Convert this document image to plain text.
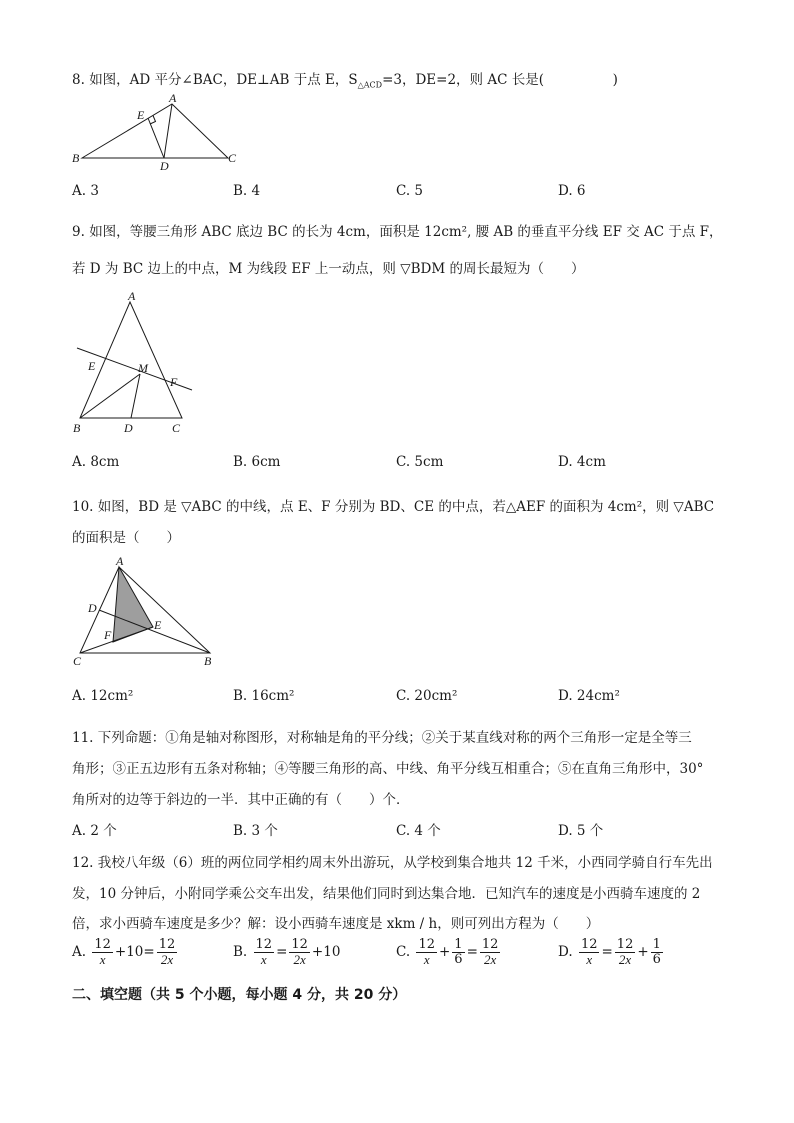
8. 如图，AD 平分∠BAC，DE⊥AB 于点 E，$S_{\triangle ACD}=3$，DE=2，则 AC 长是(	)
A
B	C
D
E
A. 3	B. 4	C. 5	D. 6
9. 如图，等腰三角形 ABC 底边 BC 的长为 4cm，面积是 12cm², 腰 AB 的垂直平分线 EF 交 AC 于点 F，
若 D 为 BC 边上的中点，M 为线段 EF 上一动点，则 ▽BDM 的周长最短为（　　）
A
E	M
F
B	D	C
A. 8cm	B. 6cm	C. 5cm	D. 4cm
10. 如图，BD 是 ▽ABC 的中线，点 E、F 分别为 BD、CE 的中点，若△AEF 的面积为 4cm²，则 ▽ABC
的面积是（　　）
A
D
E
F
C	B
A. 12cm²	B. 16cm²	C. 20cm²	D. 24cm²
11. 下列命题：①角是轴对称图形，对称轴是角的平分线；②关于某直线对称的两个三角形一定是全等三
角形；③正五边形有五条对称轴；④等腰三角形的高、中线、角平分线互相重合；⑤在直角三角形中，30°
角所对的边等于斜边的一半．其中正确的有（　　）个．
A. 2 个	B. 3 个	C. 4 个	D. 5 个
12. 我校八年级（6）班的两位同学相约周末外出游玩，从学校到集合地共 12 千米，小西同学骑自行车先出
发，10 分钟后，小附同学乘公交车出发，结果他们同时到达集合地．已知汽车的速度是小西骑车速度的 2
倍，求小西骑车速度是多少？解：设小西骑车速度是 xkm / h，则可列出方程为（　　）
A. $\frac{12}{x} +10= \frac{12}{2x}$	B. $\frac{12}{x} = \frac{12}{2x} +10$	C. $\frac{12}{x} + \frac{1}{6} = \frac{12}{2x}$	D. $\frac{12}{x} = \frac{12}{2x} + \frac{1}{6}$
二、填空题（共 5 个小题，每小题 4 分，共 20 分）
